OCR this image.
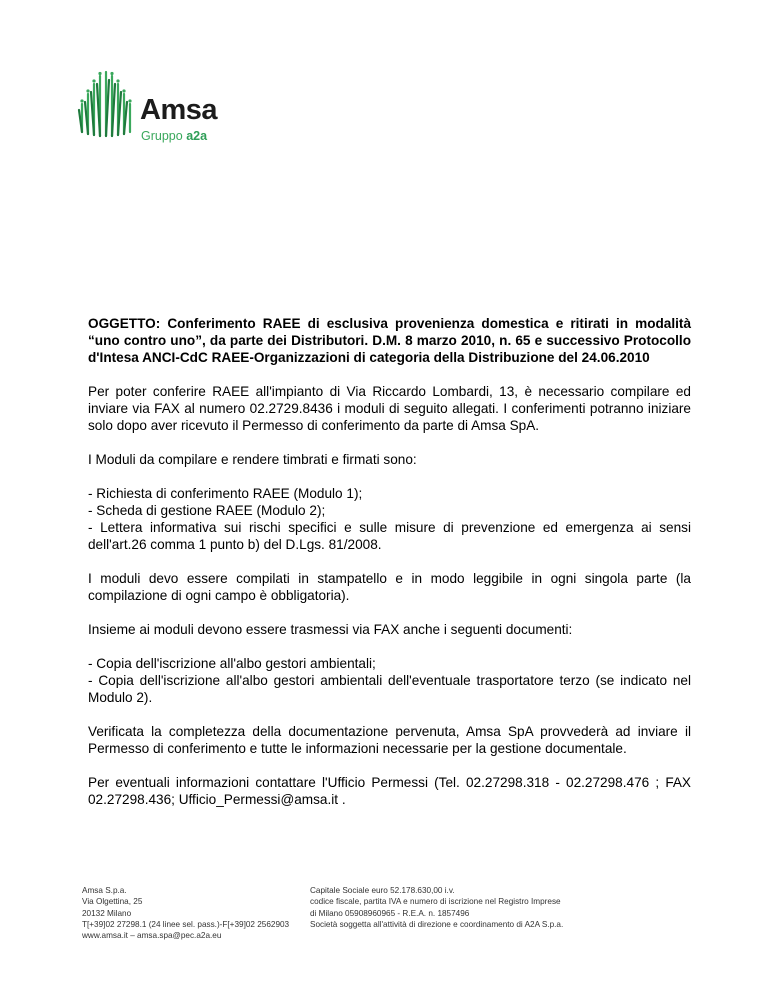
Amsa
Gruppo a2a

OGGETTO: Conferimento RAEE di esclusiva provenienza domestica e ritirati in modalità “uno contro uno”, da parte dei Distributori. D.M. 8 marzo 2010, n. 65 e successivo Protocollo d'Intesa ANCI-CdC RAEE-Organizzazioni di categoria della Distribuzione del 24.06.2010

Per poter conferire RAEE all'impianto di Via Riccardo Lombardi, 13, è necessario compilare ed inviare via FAX al numero 02.2729.8436 i moduli di seguito allegati. I conferimenti potranno iniziare solo dopo aver ricevuto il Permesso di conferimento da parte di Amsa SpA.

I Moduli da compilare e rendere timbrati e firmati sono:

- Richiesta di conferimento RAEE (Modulo 1);
- Scheda di gestione RAEE (Modulo 2);
- Lettera informativa sui rischi specifici e sulle misure di prevenzione ed emergenza ai sensi dell'art.26 comma 1 punto b) del D.Lgs. 81/2008.

I moduli devo essere compilati in stampatello e in modo leggibile in ogni singola parte (la compilazione di ogni campo è obbligatoria).

Insieme ai moduli devono essere trasmessi via FAX anche i seguenti documenti:

- Copia dell'iscrizione all'albo gestori ambientali;
- Copia dell'iscrizione all'albo gestori ambientali dell'eventuale trasportatore terzo (se indicato nel Modulo 2).

Verificata la completezza della documentazione pervenuta, Amsa SpA provvederà ad inviare il Permesso di conferimento e tutte le informazioni necessarie per la gestione documentale.

Per eventuali informazioni contattare l'Ufficio Permessi (Tel. 02.27298.318 - 02.27298.476 ; FAX 02.27298.436; Ufficio_Permessi@amsa.it .

Amsa S.p.a.
Via Olgettina, 25
20132 Milano
T[+39]02 27298.1 (24 linee sel. pass.)-F[+39]02 2562903
www.amsa.it – amsa.spa@pec.a2a.eu
Capitale Sociale euro 52.178.630,00 i.v.
codice fiscale, partita IVA e numero di iscrizione nel Registro Imprese
di Milano 05908960965 - R.E.A. n. 1857496
Società soggetta all'attività di direzione e coordinamento di A2A S.p.a.
